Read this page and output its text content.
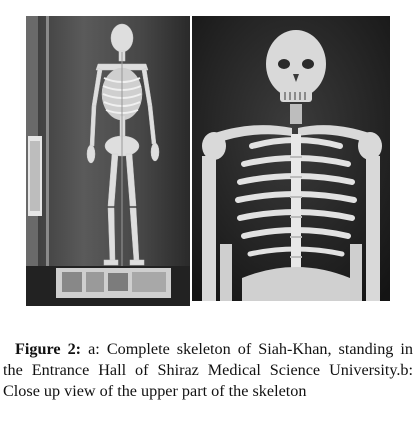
Figure 2: a: Complete skeleton of Siah-Khan, standing in the Entrance Hall of Shiraz Medical Science University.b: Close up view of the upper part of the skeleton
